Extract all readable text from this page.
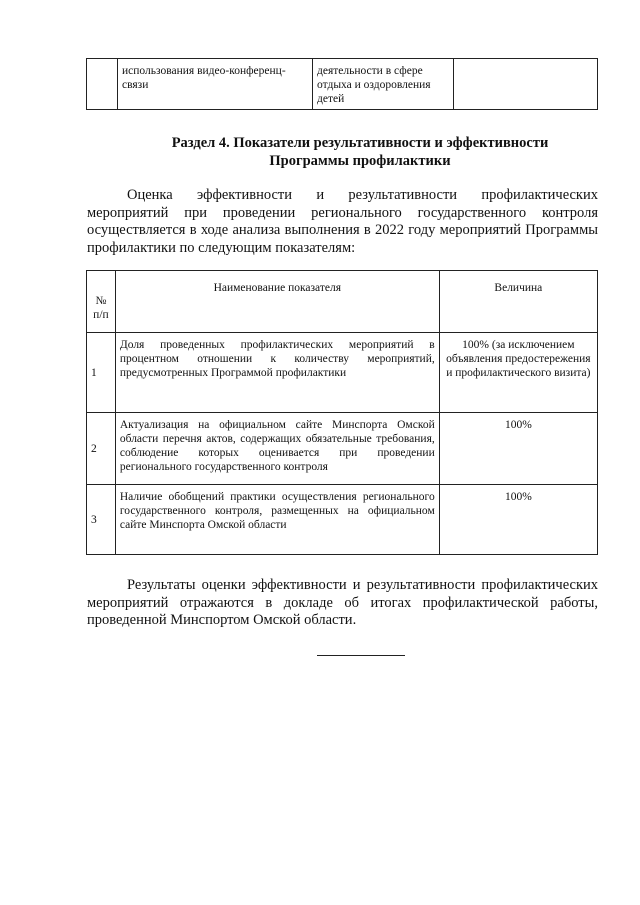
	использования видео-конференц-связи	деятельности в сфере отдыха и оздоровления детей	
Раздел 4. Показатели результативности и эффективности
Программы профилактики

Оценка эффективности и результативности профилактических мероприятий при проведении регионального государственного контроля осуществляется в ходе анализа выполнения в 2022 году мероприятий Программы профилактики по следующим показателям:

№ п/п	Наименование показателя	Величина
1	Доля проведенных профилактических мероприятий в процентном отношении к количеству мероприятий, предусмотренных Программой профилактики	100% (за исключением объявления предостережения и профилактического визита)
2	Актуализация на официальном сайте Минспорта Омской области перечня актов, содержащих обязательные требования, соблюдение которых оценивается при проведении регионального государственного контроля	100%
3	Наличие обобщений практики осуществления регионального государственного контроля, размещенных на официальном сайте Минспорта Омской области	100%

Результаты оценки эффективности и результативности профилактических мероприятий отражаются в докладе об итогах профилактической работы, проведенной Минспортом Омской области.
